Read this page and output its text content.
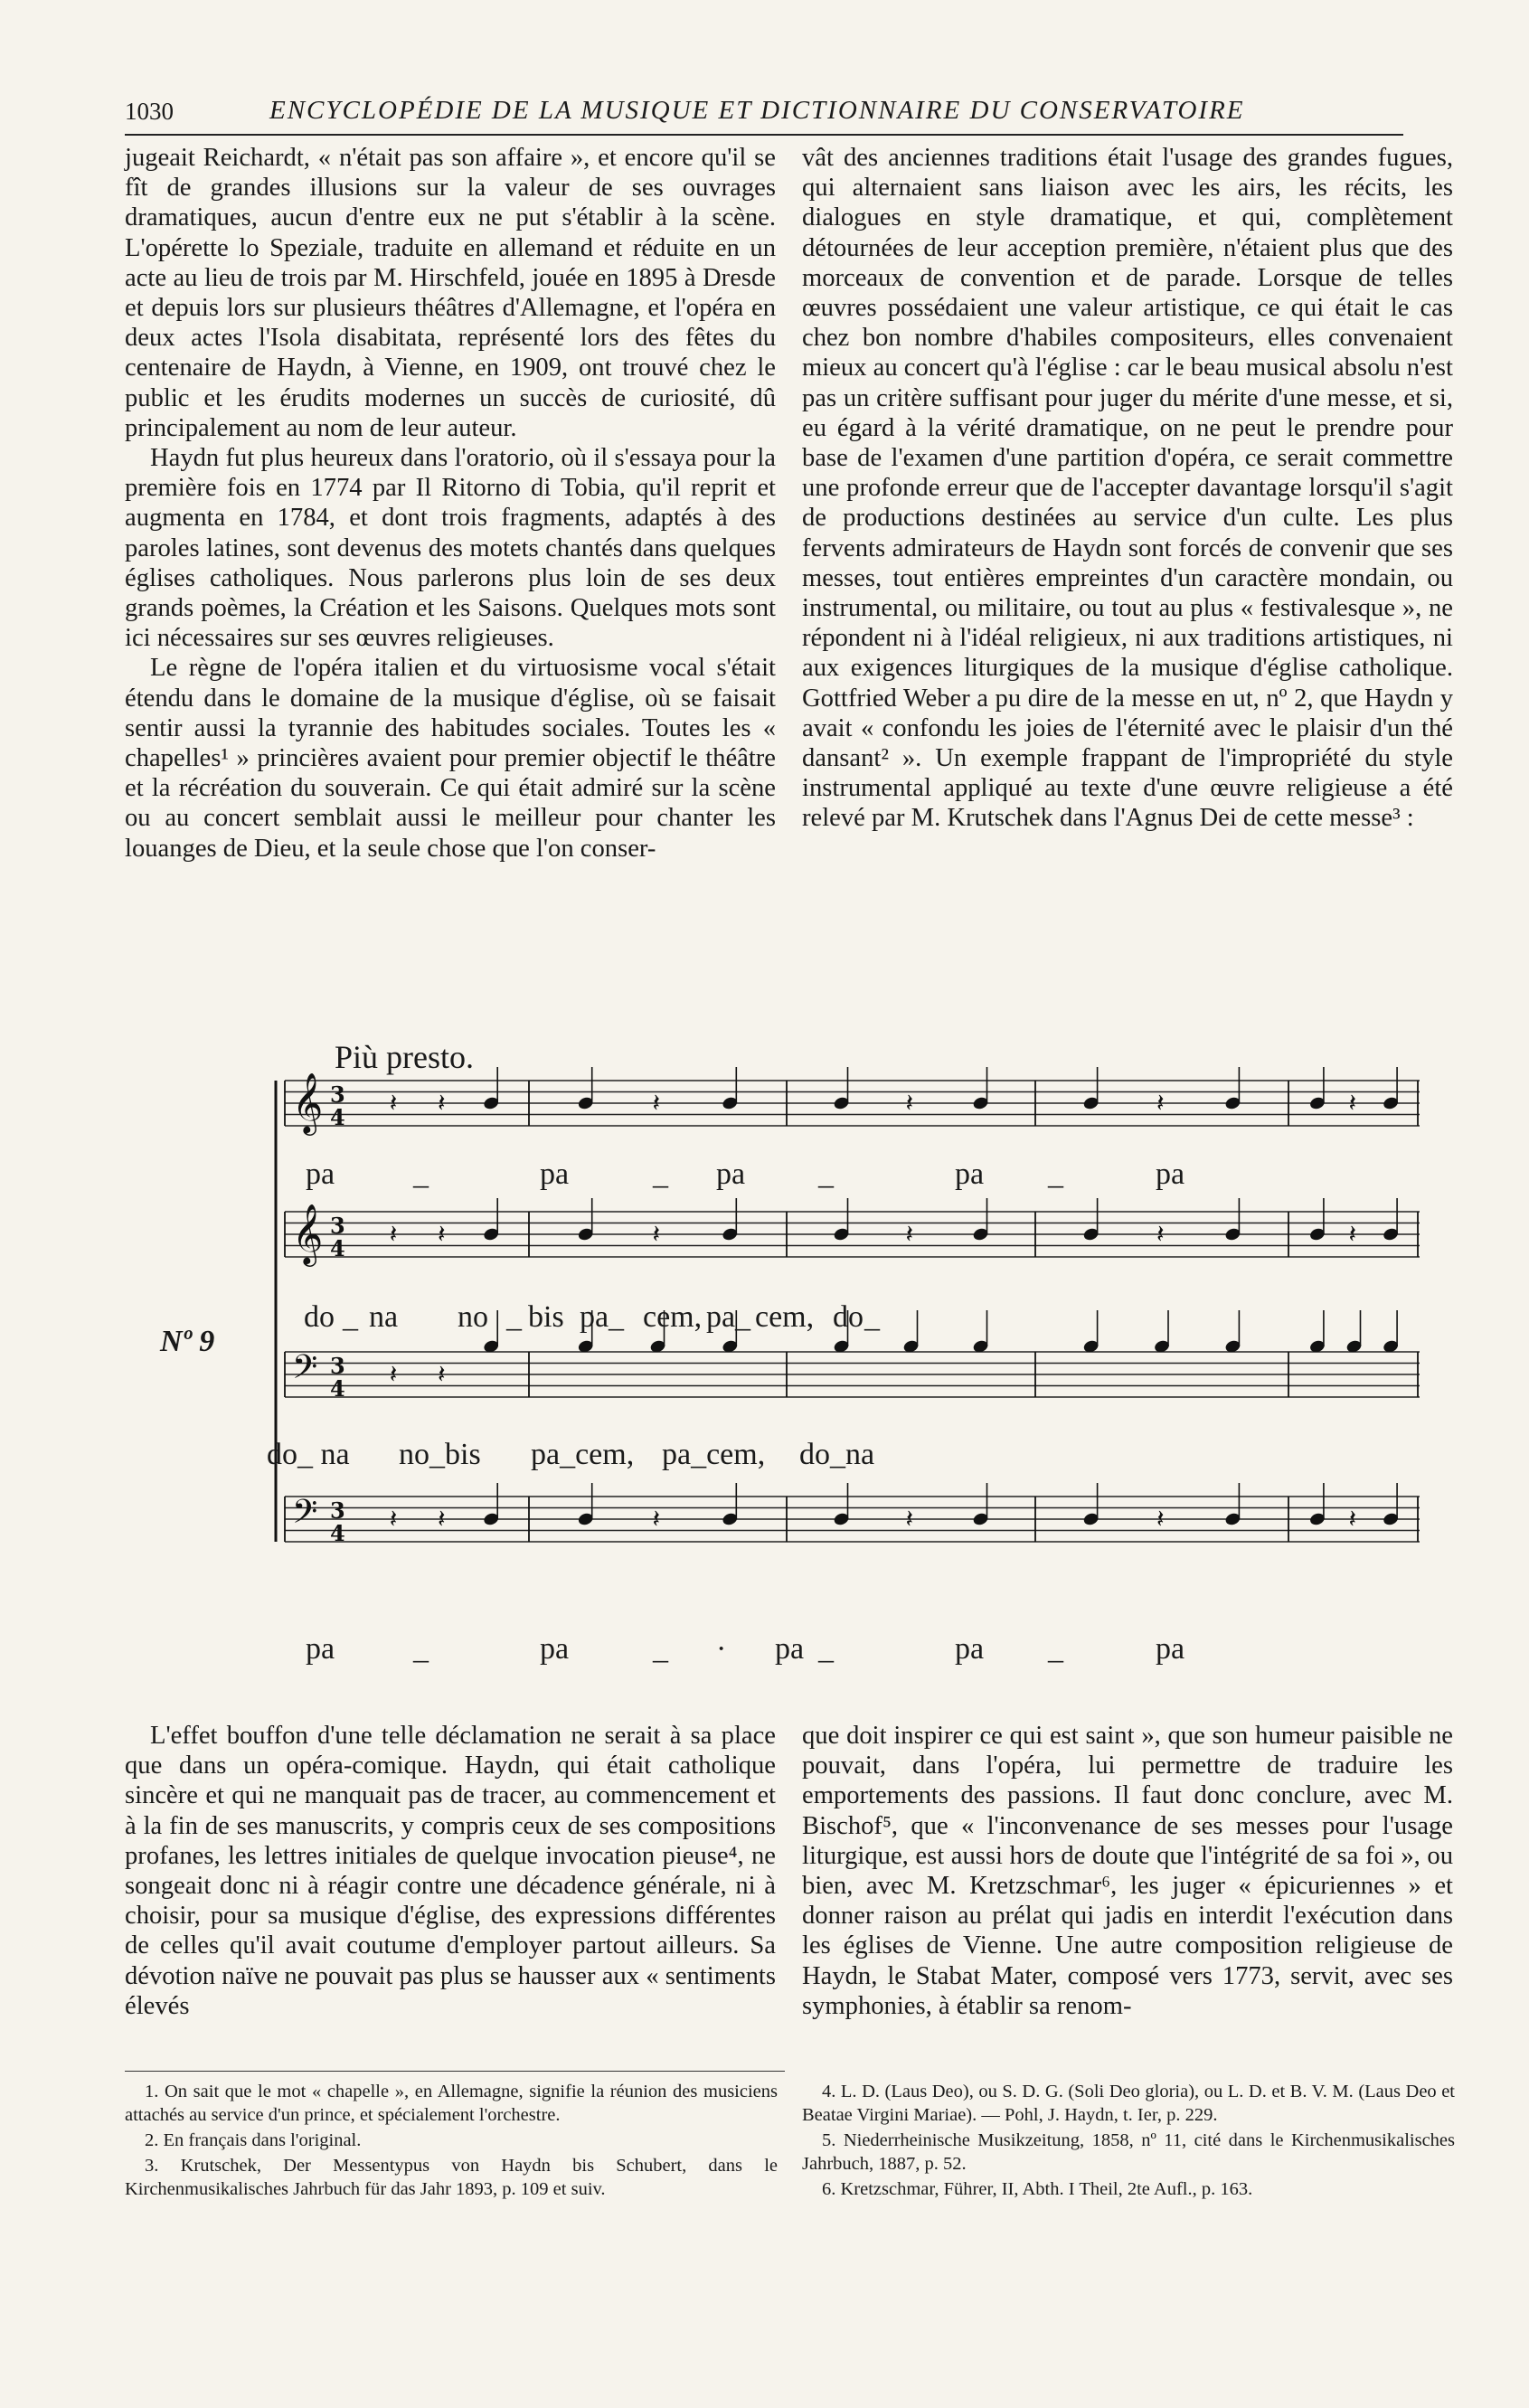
1030	ENCYCLOPÉDIE DE LA MUSIQUE ET DICTIONNAIRE DU CONSERVATOIRE

jugeait Reichardt, « n'était pas son affaire », et encore qu'il se fît de grandes illusions sur la valeur de ses ouvrages dramatiques, aucun d'entre eux ne put s'établir à la scène. L'opérette lo Speziale, traduite en allemand et réduite en un acte au lieu de trois par M. Hirschfeld, jouée en 1895 à Dresde et depuis lors sur plusieurs théâtres d'Allemagne, et l'opéra en deux actes l'Isola disabitata, représenté lors des fêtes du centenaire de Haydn, à Vienne, en 1909, ont trouvé chez le public et les érudits modernes un succès de curiosité, dû principalement au nom de leur auteur.

Haydn fut plus heureux dans l'oratorio, où il s'essaya pour la première fois en 1774 par Il Ritorno di Tobia, qu'il reprit et augmenta en 1784, et dont trois fragments, adaptés à des paroles latines, sont devenus des motets chantés dans quelques églises catholiques. Nous parlerons plus loin de ses deux grands poèmes, la Création et les Saisons. Quelques mots sont ici nécessaires sur ses œuvres religieuses.

Le règne de l'opéra italien et du virtuosisme vocal s'était étendu dans le domaine de la musique d'église, où se faisait sentir aussi la tyrannie des habitudes sociales. Toutes les « chapelles¹ » princières avaient pour premier objectif le théâtre et la récréation du souverain. Ce qui était admiré sur la scène ou au concert semblait aussi le meilleur pour chanter les louanges de Dieu, et la seule chose que l'on conser-

vât des anciennes traditions était l'usage des grandes fugues, qui alternaient sans liaison avec les airs, les récits, les dialogues en style dramatique, et qui, complètement détournées de leur acception première, n'étaient plus que des morceaux de convention et de parade. Lorsque de telles œuvres possédaient une valeur artistique, ce qui était le cas chez bon nombre d'habiles compositeurs, elles convenaient mieux au concert qu'à l'église : car le beau musical absolu n'est pas un critère suffisant pour juger du mérite d'une messe, et si, eu égard à la vérité dramatique, on ne peut le prendre pour base de l'examen d'une partition d'opéra, ce serait commettre une profonde erreur que de l'accepter davantage lorsqu'il s'agit de productions destinées au service d'un culte. Les plus fervents admirateurs de Haydn sont forcés de convenir que ses messes, tout entières empreintes d'un caractère mondain, ou instrumental, ou militaire, ou tout au plus « festivalesque », ne répondent ni à l'idéal religieux, ni aux traditions artistiques, ni aux exigences liturgiques de la musique d'église catholique. Gottfried Weber a pu dire de la messe en ut, nº 2, que Haydn y avait « confondu les joies de l'éternité avec le plaisir d'un thé dansant² ». Un exemple frappant de l'impropriété du style instrumental appliqué au texte d'une œuvre religieuse a été relevé par M. Krutschek dans l'Agnus Dei de cette messe³ :

Più presto.
Nº 9
𝄞 3
4 𝄽 𝄽	𝄽	𝄽	𝄽	𝄽
𝄞 3
4 𝄽 𝄽	𝄽	𝄽	𝄽	𝄽
𝄢 3
4 𝄽 𝄽
𝄢 3
4 𝄽 𝄽	𝄽	𝄽	𝄽	𝄽
pa	_	pa	_ pa _	pa _	pa
do _ na no _ bis pa _ cem, pa _ cem, do _
do_ na no_bis pa_cem, pa_cem, do_na
pa	_	pa	_ · pa _	pa _	pa

L'effet bouffon d'une telle déclamation ne serait à sa place que dans un opéra-comique. Haydn, qui était catholique sincère et qui ne manquait pas de tracer, au commencement et à la fin de ses manuscrits, y compris ceux de ses compositions profanes, les lettres initiales de quelque invocation pieuse⁴, ne songeait donc ni à réagir contre une décadence générale, ni à choisir, pour sa musique d'église, des expressions différentes de celles qu'il avait coutume d'employer partout ailleurs. Sa dévotion naïve ne pouvait pas plus se hausser aux « sentiments élevés

que doit inspirer ce qui est saint », que son humeur paisible ne pouvait, dans l'opéra, lui permettre de traduire les emportements des passions. Il faut donc conclure, avec M. Bischof⁵, que « l'inconvenance de ses messes pour l'usage liturgique, est aussi hors de doute que l'intégrité de sa foi », ou bien, avec M. Kretzschmar⁶, les juger « épicuriennes » et donner raison au prélat qui jadis en interdit l'exécution dans les églises de Vienne. Une autre composition religieuse de Haydn, le Stabat Mater, composé vers 1773, servit, avec ses symphonies, à établir sa renom-

1. On sait que le mot « chapelle », en Allemagne, signifie la réunion des musiciens attachés au service d'un prince, et spécialement l'orchestre.

2. En français dans l'original.

3. Krutschek, Der Messentypus von Haydn bis Schubert, dans le Kirchenmusikalisches Jahrbuch für das Jahr 1893, p. 109 et suiv.

4. L. D. (Laus Deo), ou S. D. G. (Soli Deo gloria), ou L. D. et B. V. M. (Laus Deo et Beatae Virgini Mariae). — Pohl, J. Haydn, t. Ier, p. 229.

5. Niederrheinische Musikzeitung, 1858, nº 11, cité dans le Kirchenmusikalisches Jahrbuch, 1887, p. 52.

6. Kretzschmar, Führer, II, Abth. I Theil, 2te Aufl., p. 163.
